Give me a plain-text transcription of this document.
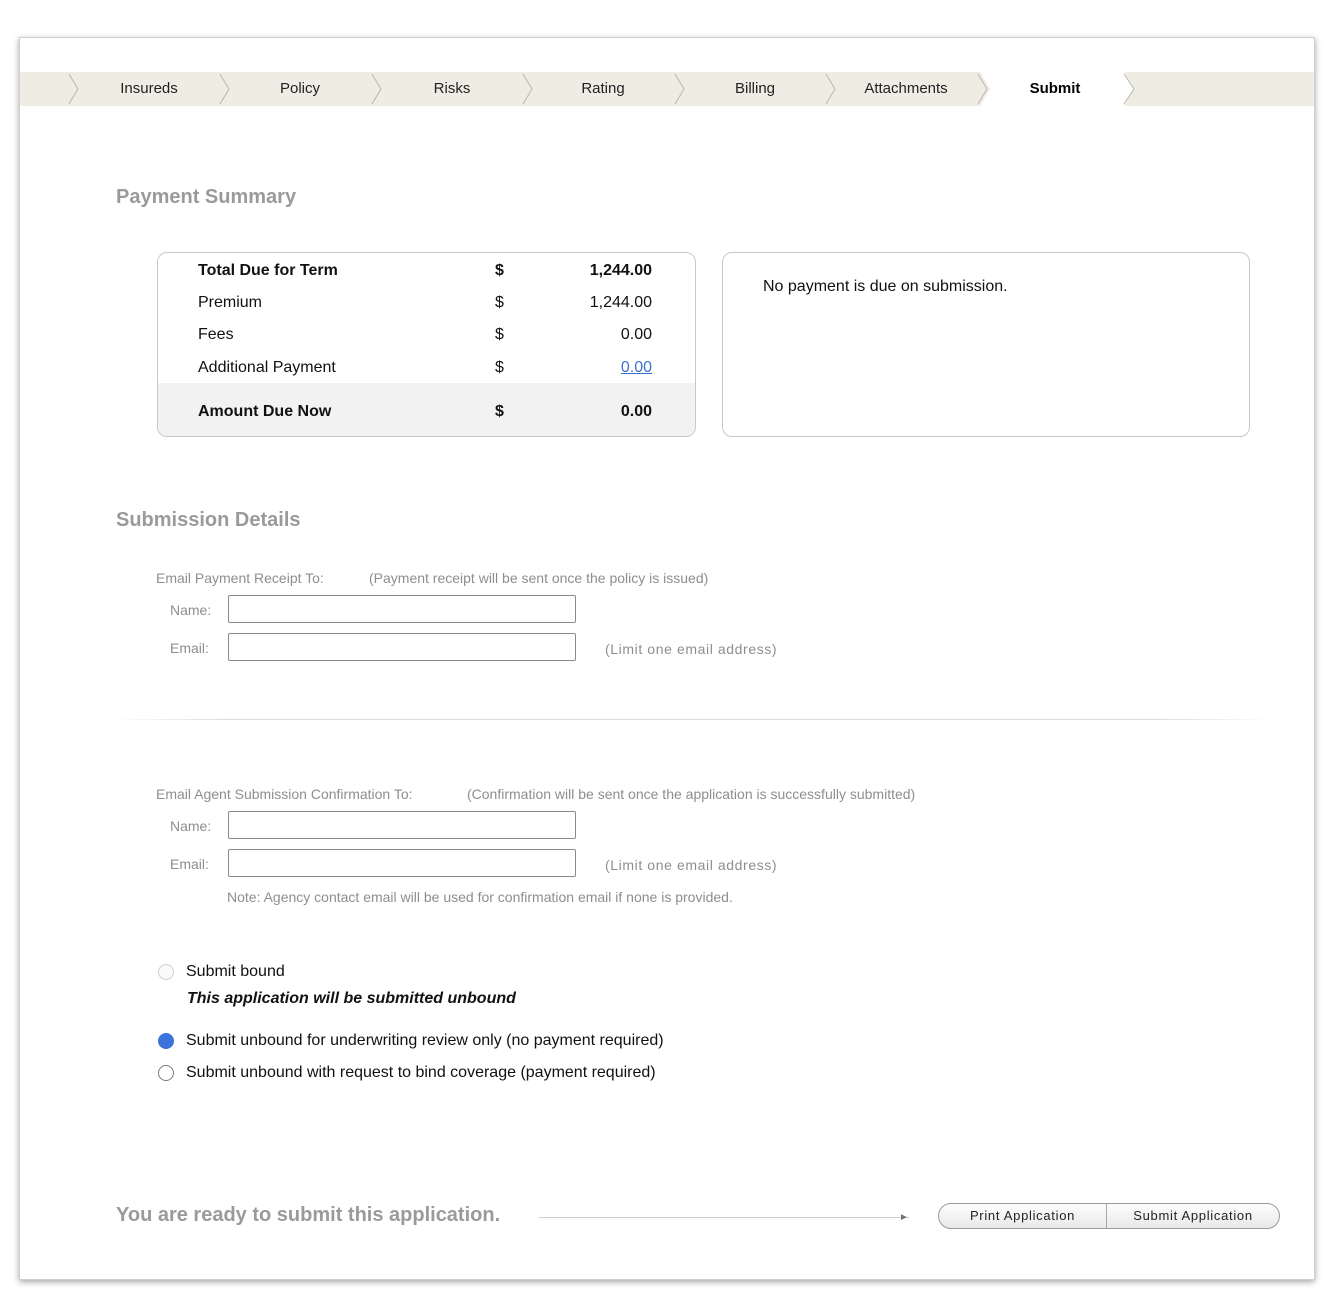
Insureds	Policy	Risks	Rating	Billing	Attachments	Submit
Payment Summary
Total Due for Term	$	1,244.00
Premium	$	1,244.00
Fees	$	0.00
Additional Payment	$	0.00
Amount Due Now	$	0.00
No payment is due on submission.
Submission Details
Email Payment Receipt To:	(Payment receipt will be sent once the policy is issued)
Name:
Email:	(Limit one email address)
Email Agent Submission Confirmation To:	(Confirmation will be sent once the application is successfully submitted)
Name:
Email:	(Limit one email address)
Note: Agency contact email will be used for confirmation email if none is provided.
Submit bound
This application will be submitted unbound
Submit unbound for underwriting review only (no payment required)
Submit unbound with request to bind coverage (payment required)
You are ready to submit this application.	►	Print Application	Submit Application
